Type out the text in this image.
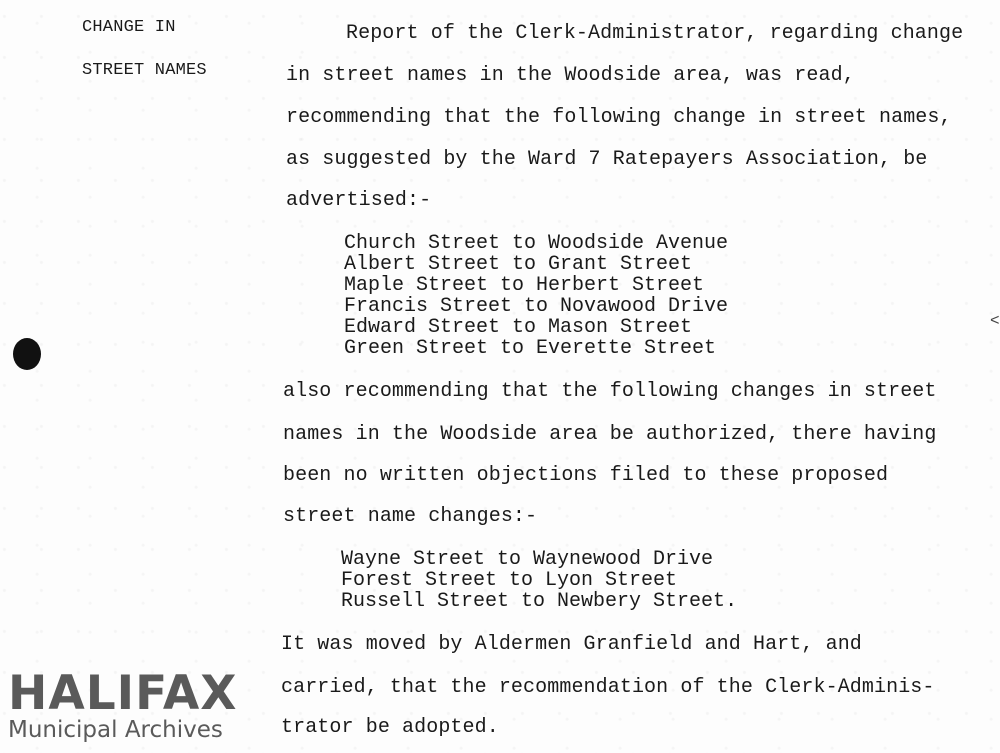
CHANGE IN
STREET NAMES
Report of the Clerk-Administrator, regarding change
in street names in the Woodside area, was read,
recommending that the following change in street names,
as suggested by the Ward 7 Ratepayers Association, be
advertised:-
Church Street to Woodside Avenue
Albert Street to Grant Street
Maple Street to Herbert Street
Francis Street to Novawood Drive
Edward Street to Mason Street
Green Street to Everette Street
also recommending that the following changes in street
names in the Woodside area be authorized, there having
been no written objections filed to these proposed
street name changes:-
Wayne Street to Waynewood Drive
Forest Street to Lyon Street
Russell Street to Newbery Street.
It was moved by Aldermen Granfield and Hart, and
carried, that the recommendation of the Clerk-Adminis-
trator be adopted.
<
HALIFAX
Municipal Archives
